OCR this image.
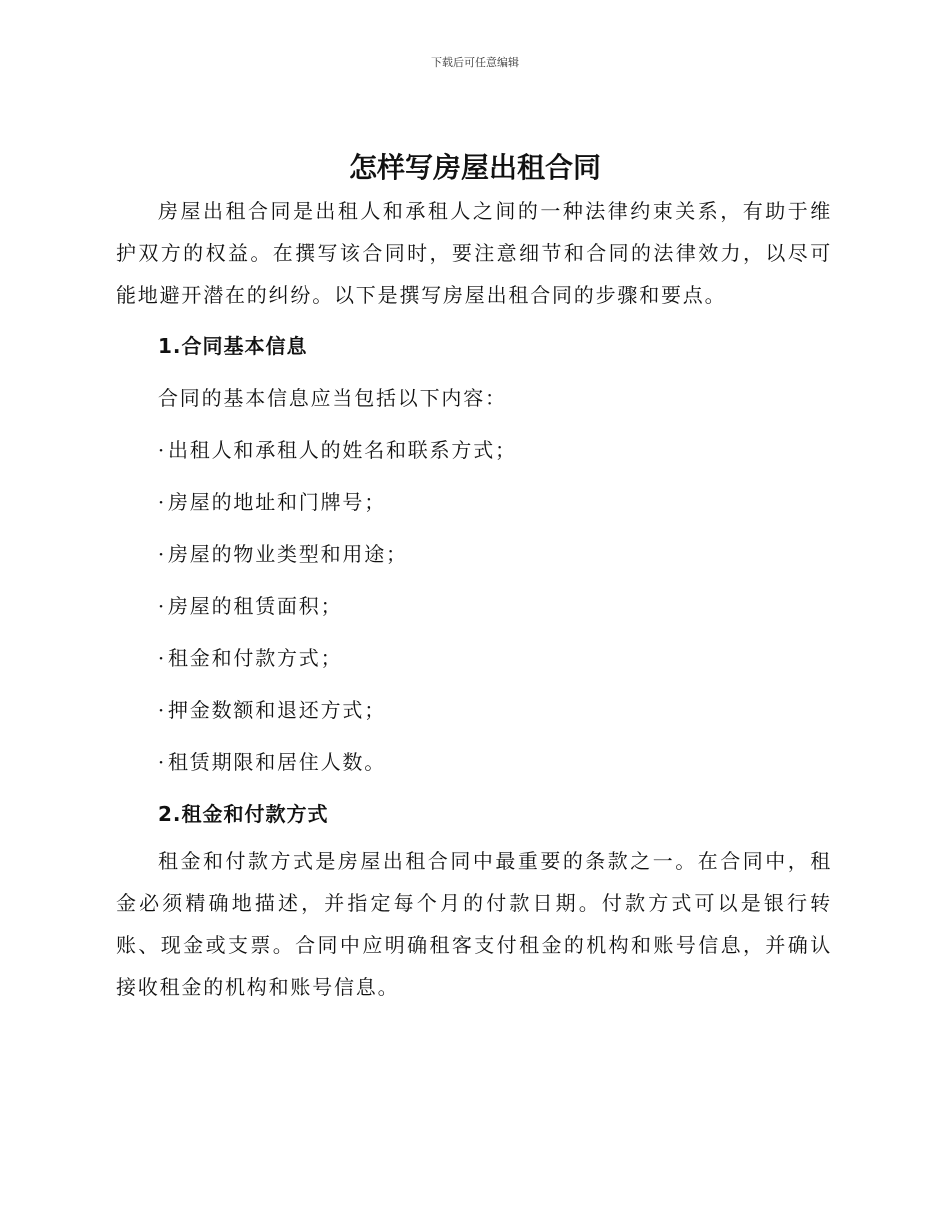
下载后可任意编辑
怎样写房屋出租合同

房屋出租合同是出租人和承租人之间的一种法律约束关系，有助于维护双方的权益。在撰写该合同时，要注意细节和合同的法律效力，以尽可能地避开潜在的纠纷。以下是撰写房屋出租合同的步骤和要点。

1.合同基本信息

合同的基本信息应当包括以下内容：

·出租人和承租人的姓名和联系方式；
·房屋的地址和门牌号；
·房屋的物业类型和用途；
·房屋的租赁面积；
·租金和付款方式；
·押金数额和退还方式；
·租赁期限和居住人数。
2.租金和付款方式

租金和付款方式是房屋出租合同中最重要的条款之一。在合同中，租金必须精确地描述，并指定每个月的付款日期。付款方式可以是银行转账、现金或支票。合同中应明确租客支付租金的机构和账号信息，并确认接收租金的机构和账号信息。
